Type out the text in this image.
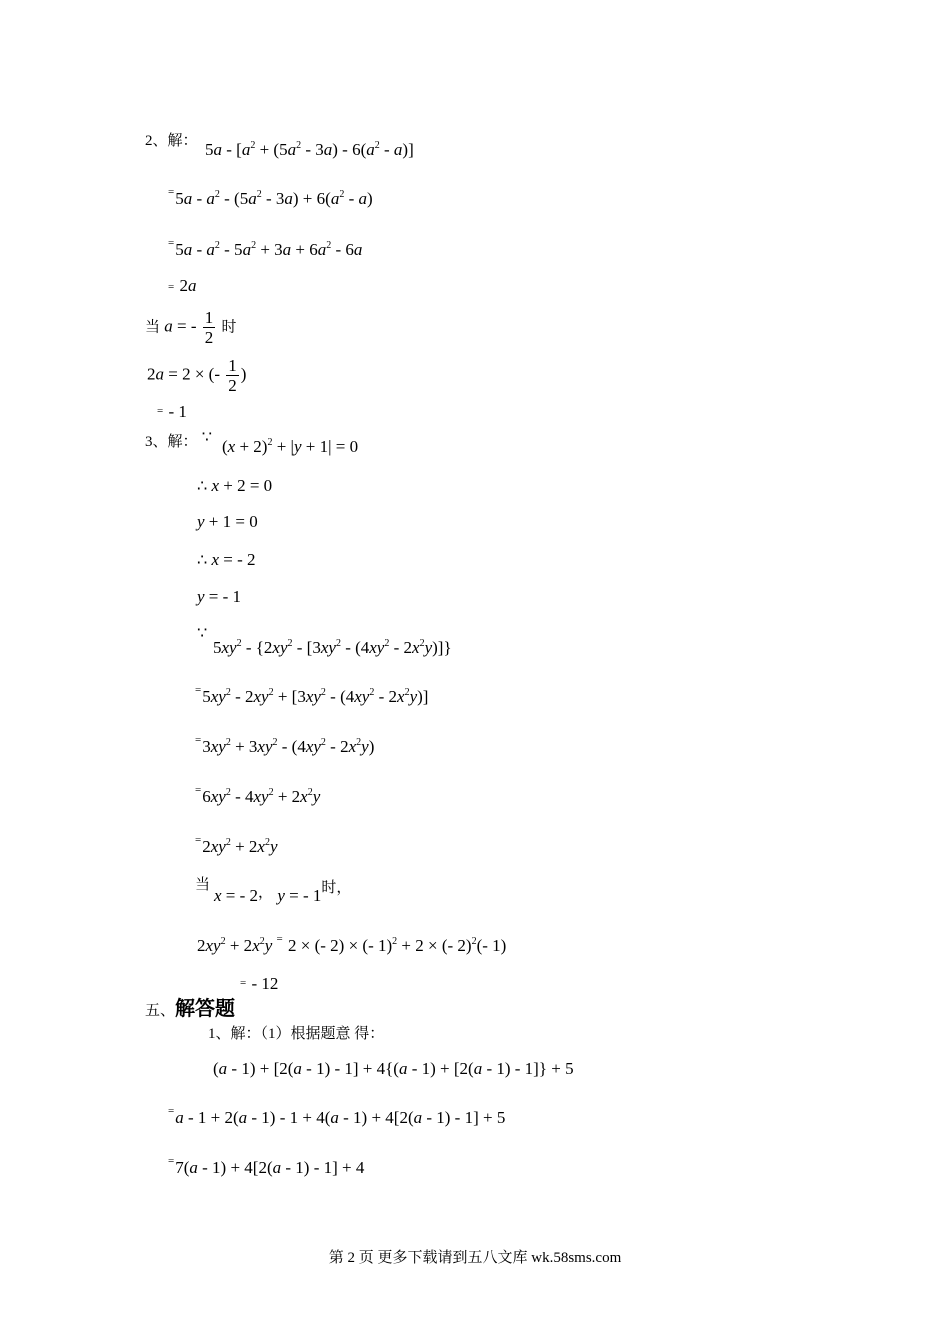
2、解： $5a - [a^2 + (5a^2 - 3a) - 6(a^2 - a)]$
$^=5a - a^2 - (5a^2 - 3a) + 6(a^2 - a)$
$^=5a - a^2 - 5a^2 + 3a + 6a^2 - 6a$
= 2a
当 a = - $\frac{1}{2}$ 时
2a = 2 × (- $\frac{1}{2}$ )
= - 1
3、解： ∵
$(x + 2)^2 + |y + 1| = 0$
∴ x + 2 = 0
y + 1 = 0
∴ x = - 2
y = - 1
∵
$5xy^2 - \{2xy^2 - [3xy^2 - (4xy^2 - 2x^2y)]\}$
$^=5xy^2 - 2xy^2 + [3xy^2 - (4xy^2 - 2x^2y)]$
$^=3xy^2 + 3xy^2 - (4xy^2 - 2x^2y)$
$^=6xy^2 - 4xy^2 + 2x^2y$
$^=2xy^2 + 2x^2y$
当
x = - 2， y = - 1时，
$2xy^2 + 2x^2y$ = 2 × (- 2) × (- 1)$^2$ + 2 × (- 2)$^2$(- 1)
= - 12
五、解答题
1、解：（1）根据题意 得：
(a - 1) + [2(a - 1) - 1] + 4{(a - 1) + [2(a - 1) - 1]} + 5
=a - 1 + 2(a - 1) - 1 + 4(a - 1) + 4[2(a - 1) - 1] + 5
=7(a - 1) + 4[2(a - 1) - 1] + 4
第 2 页 更多下载请到五八文库 wk.58sms.com
